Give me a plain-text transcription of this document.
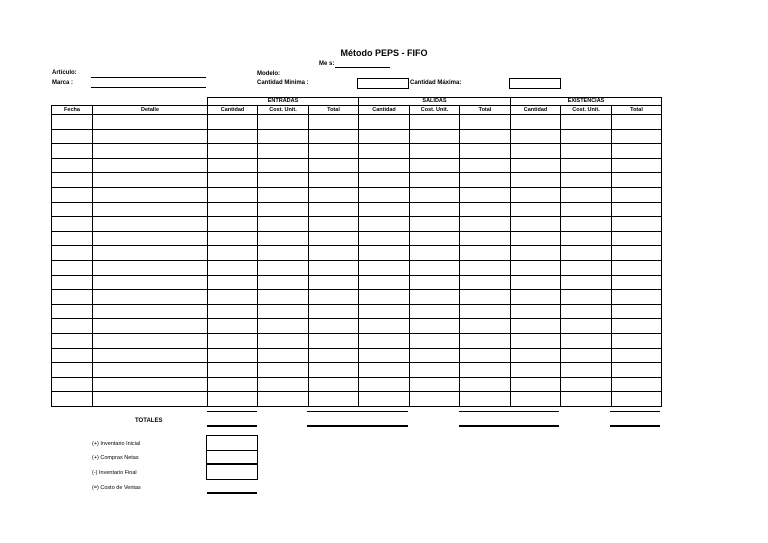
Método PEPS - FIFO
Me s:
Articulo:
Marca :
Modelo:
Cantidad Minima :	Cantidad Máxima:
		ENTRADAS			SALIDAS			EXISTENCIAS		
Fecha	Detalle	Cantidad	Cost. Unit.	Total	Cantidad	Cost. Unit.	Total	Cantidad	Cost. Unit.	Total

TOTALES
(+) Inventario Inicial
(+) Compras Netas
(-) Inventario Final
(=) Costo de Ventas
